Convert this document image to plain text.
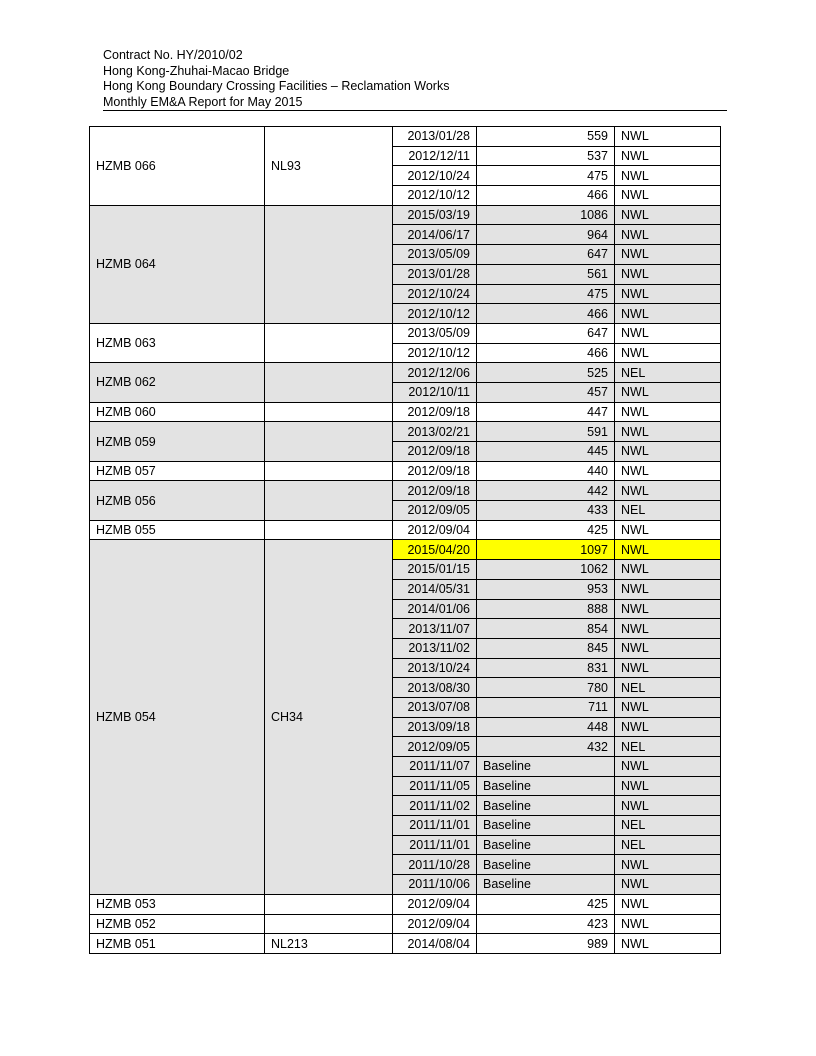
Contract No. HY/2010/02
Hong Kong-Zhuhai-Macao Bridge
Hong Kong Boundary Crossing Facilities – Reclamation Works
Monthly EM&A Report for May 2015
HZMB 066	NL93	2013/01/28	559	NWL
		2012/12/11	537	NWL
		2012/10/24	475	NWL
		2012/10/12	466	NWL
HZMB 064		2015/03/19	1086	NWL
		2014/06/17	964	NWL
		2013/05/09	647	NWL
		2013/01/28	561	NWL
		2012/10/24	475	NWL
		2012/10/12	466	NWL
HZMB 063		2013/05/09	647	NWL
		2012/10/12	466	NWL
HZMB 062		2012/12/06	525	NEL
		2012/10/11	457	NWL
HZMB 060		2012/09/18	447	NWL
HZMB 059		2013/02/21	591	NWL
		2012/09/18	445	NWL
HZMB 057		2012/09/18	440	NWL
HZMB 056		2012/09/18	442	NWL
		2012/09/05	433	NEL
HZMB 055		2012/09/04	425	NWL
HZMB 054	CH34	2015/04/20	1097	NWL
		2015/01/15	1062	NWL
		2014/05/31	953	NWL
		2014/01/06	888	NWL
		2013/11/07	854	NWL
		2013/11/02	845	NWL
		2013/10/24	831	NWL
		2013/08/30	780	NEL
		2013/07/08	711	NWL
		2013/09/18	448	NWL
		2012/09/05	432	NEL
		2011/11/07	Baseline	NWL
		2011/11/05	Baseline	NWL
		2011/11/02	Baseline	NWL
		2011/11/01	Baseline	NEL
		2011/11/01	Baseline	NEL
		2011/10/28	Baseline	NWL
		2011/10/06	Baseline	NWL
HZMB 053		2012/09/04	425	NWL
HZMB 052		2012/09/04	423	NWL
HZMB 051	NL213	2014/08/04	989	NWL
